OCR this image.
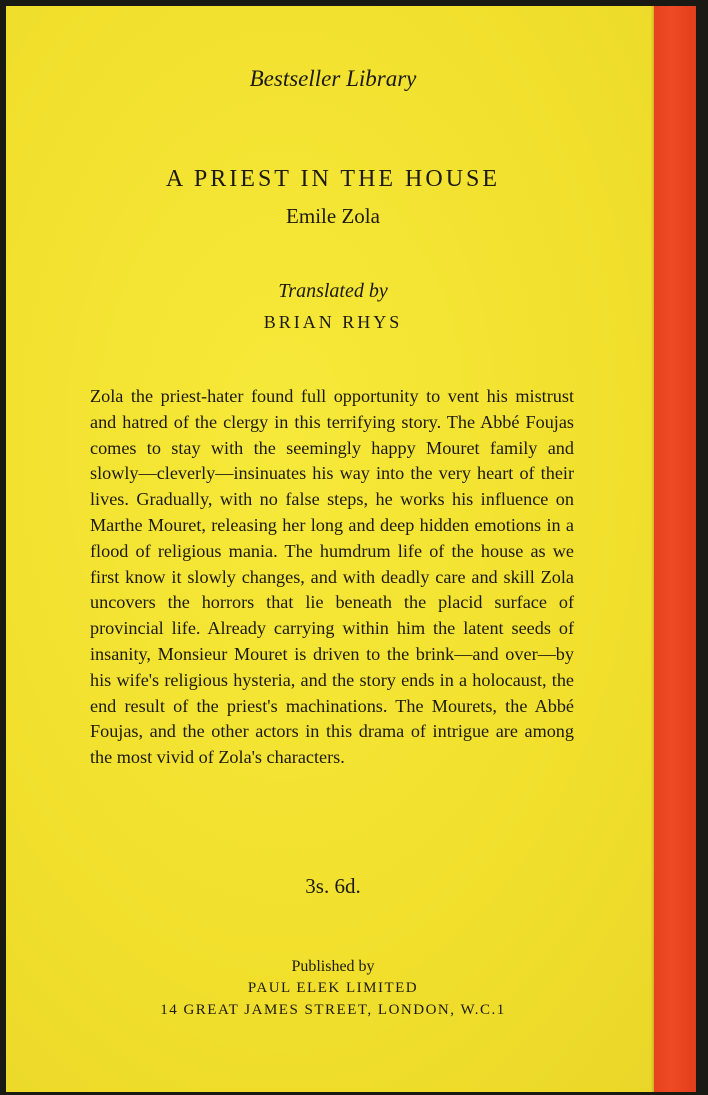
Bestseller Library
A PRIEST IN THE HOUSE
Emile Zola
Translated by
BRIAN RHYS

Zola the priest-hater found full opportunity to vent his mistrust and hatred of the clergy in this terrifying story. The Abbé Foujas comes to stay with the seemingly happy Mouret family and slowly—cleverly—insinuates his way into the very heart of their lives. Gradually, with no false steps, he works his influence on Marthe Mouret, releasing her long and deep hidden emotions in a flood of religious mania. The humdrum life of the house as we first know it slowly changes, and with deadly care and skill Zola uncovers the horrors that lie beneath the placid surface of provincial life. Already carrying within him the latent seeds of insanity, Monsieur Mouret is driven to the brink—and over—by his wife's religious hysteria, and the story ends in a holocaust, the end result of the priest's machinations. The Mourets, the Abbé Foujas, and the other actors in this drama of intrigue are among the most vivid of Zola's characters.

3s. 6d.
Published by
PAUL ELEK LIMITED
14 GREAT JAMES STREET, LONDON, W.C.1
